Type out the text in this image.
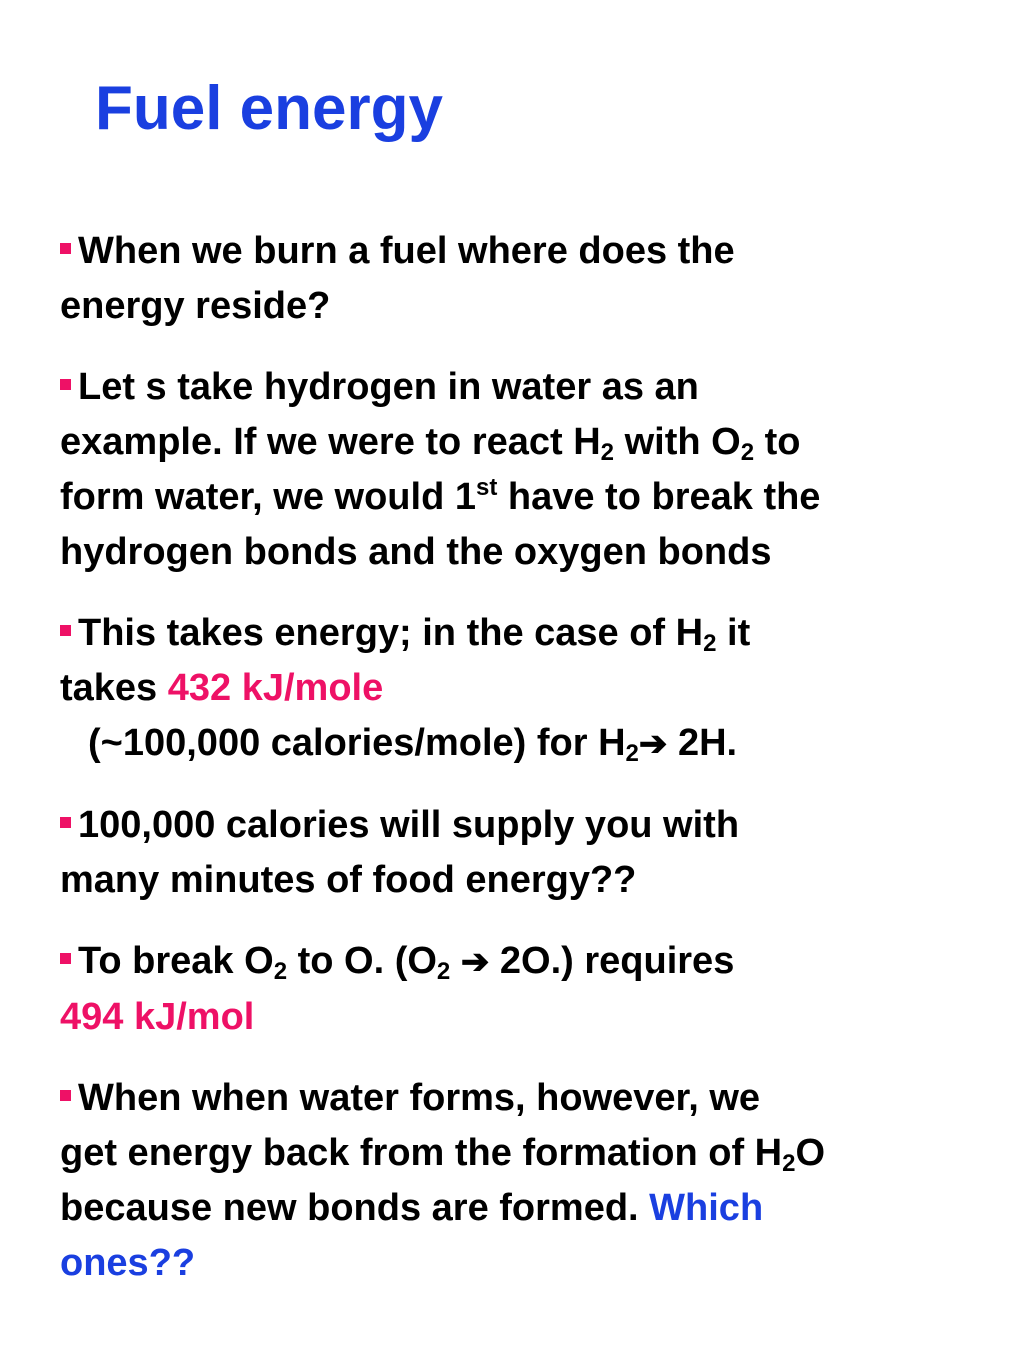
Fuel energy
When we burn a fuel where does the
energy reside?
Let s take hydrogen in water as an
example. If we were to react $H_2$ with $O_2$ to
form water, we would 1st have to break the
hydrogen bonds and the oxygen bonds
This takes energy; in the case of $H_2$ it
takes 432 kJ/mole
(~100,000 calories/mole) for $H_2➔$ 2H.
100,000 calories will supply you with
many minutes of food energy??
To break $O_2$ to O. ($O_2$ ➔ 2O.) requires
494 kJ/mol
When when water forms, however, we
get energy back from the formation of $H_2O$
because new bonds are formed. Which
ones??
